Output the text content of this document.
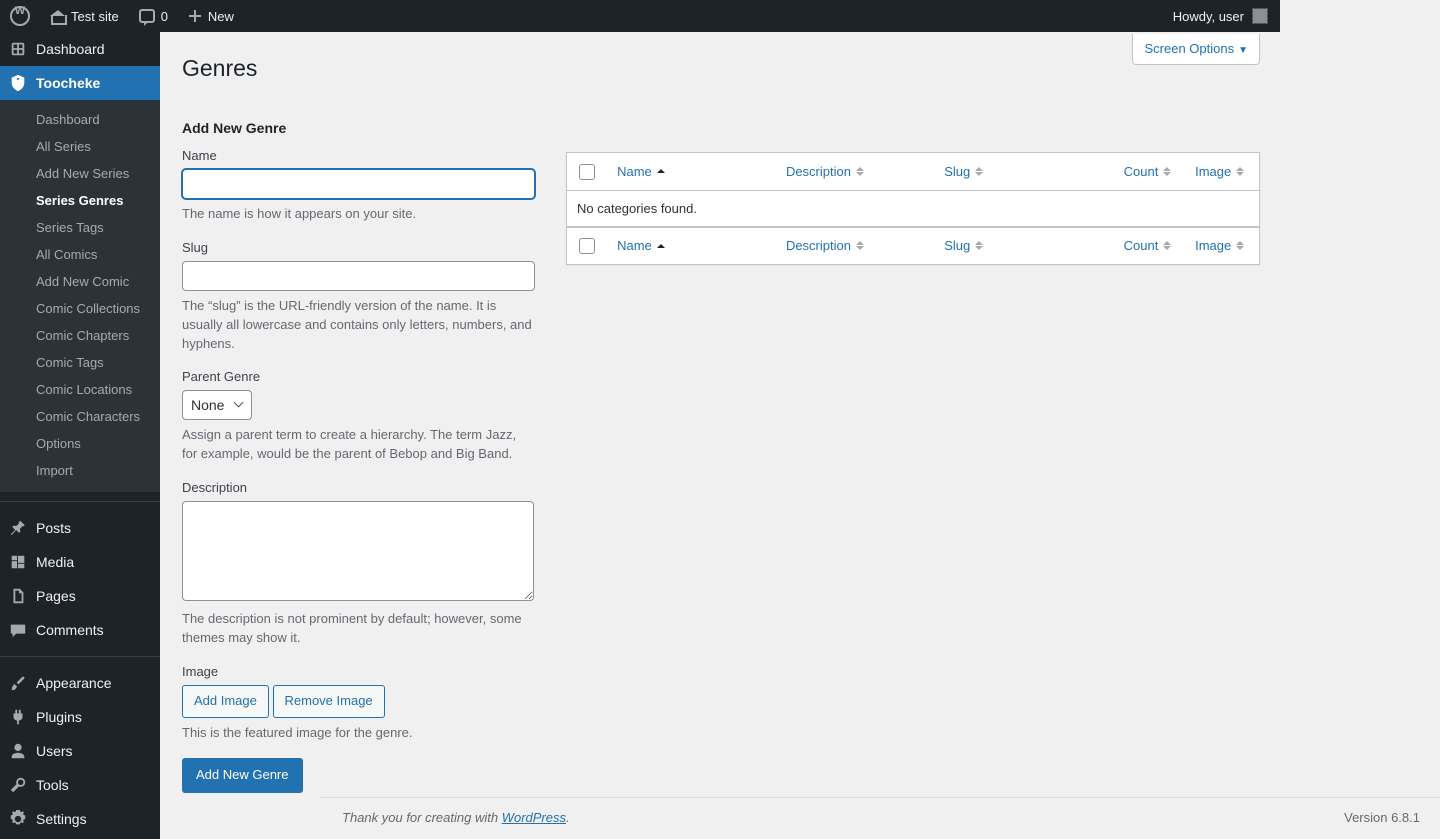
W
Test site	0	New	Howdy, user
Dashboard
Toocheke
Dashboard
All Series
Add New Series
Series Genres
Series Tags
All Comics
Add New Comic
Comic Collections
Comic Chapters
Comic Tags
Comic Locations
Comic Characters
Options
Import
Posts
Media
Pages
Comments
Appearance
Plugins
Users
Tools
Settings
Screen Options ▼
Genres
Add New Genre
Name

The name is how it appears on your site.

Slug

The “slug” is the URL-friendly version of the name. It is usually all lowercase and contains only letters, numbers, and hyphens.

Parent Genre
None

Assign a parent term to create a hierarchy. The term Jazz, for example, would be the parent of Bebop and Big Band.

Description

The description is not prominent by default; however, some themes may show it.

Image
Add Image Remove Image

This is the featured image for the genre.

Add New Genre

Name	Description	Slug	Count	Image

No categories found.					

Name	Description	Slug	Count	Image
Thank you for creating with WordPress.	Version 6.8.1
